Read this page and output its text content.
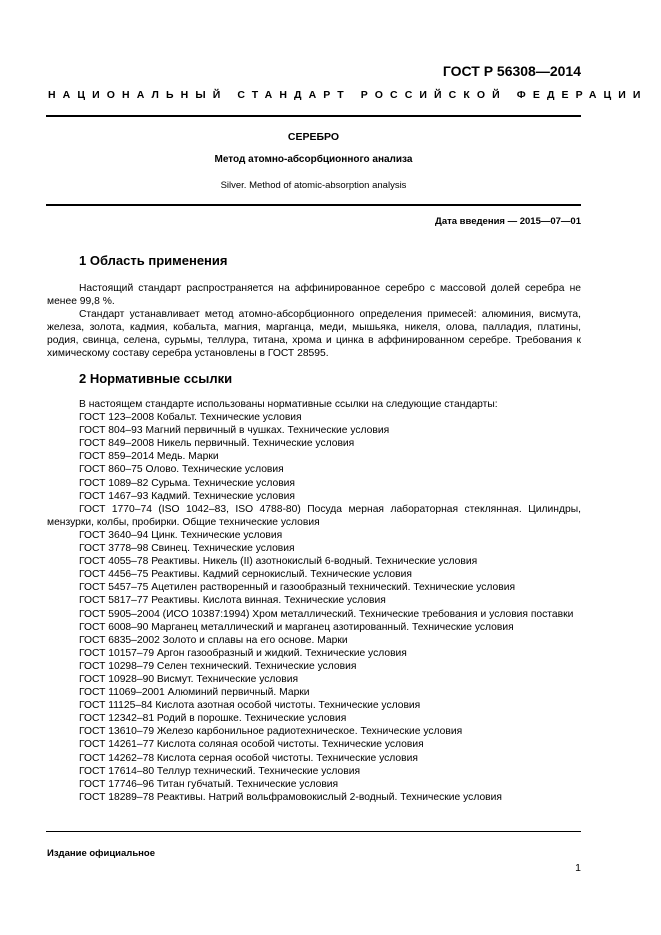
ГОСТ Р 56308—2014
НАЦИОНАЛЬНЫЙ СТАНДАРТ РОССИЙСКОЙ ФЕДЕРАЦИИ
СЕРЕБРО
Метод атомно-абсорбционного анализа
Silver. Method of atomic-absorption analysis
Дата введения — 2015—07—01
1 Область применения
Настоящий стандарт распространяется на аффинированное серебро с массовой долей серебра не менее 99,8 %.
Стандарт устанавливает метод атомно-абсорбционного определения примесей: алюминия, висмута, железа, золота, кадмия, кобальта, магния, марганца, меди, мышьяка, никеля, олова, палладия, платины, родия, свинца, селена, сурьмы, теллура, титана, хрома и цинка в аффинированном серебре. Требования к химическому составу серебра установлены в ГОСТ 28595.
2 Нормативные ссылки
В настоящем стандарте использованы нормативные ссылки на следующие стандарты:
ГОСТ 123–2008 Кобальт. Технические условия
ГОСТ 804–93 Магний первичный в чушках. Технические условия
ГОСТ 849–2008 Никель первичный. Технические условия
ГОСТ 859–2014 Медь. Марки
ГОСТ 860–75 Олово. Технические условия
ГОСТ 1089–82 Сурьма. Технические условия
ГОСТ 1467–93 Кадмий. Технические условия
ГОСТ 1770–74 (ISO 1042–83, ISO 4788-80) Посуда мерная лабораторная стеклянная. Цилиндры, мензурки, колбы, пробирки. Общие технические условия
ГОСТ 3640–94 Цинк. Технические условия
ГОСТ 3778–98 Свинец. Технические условия
ГОСТ 4055–78 Реактивы. Никель (II) азотнокислый 6-водный. Технические условия
ГОСТ 4456–75 Реактивы. Кадмий сернокислый. Технические условия
ГОСТ 5457–75 Ацетилен растворенный и газообразный технический. Технические условия
ГОСТ 5817–77 Реактивы. Кислота винная. Технические условия
ГОСТ 5905–2004 (ИСО 10387:1994) Хром металлический. Технические требования и условия поставки
ГОСТ 6008–90 Марганец металлический и марганец азотированный. Технические условия
ГОСТ 6835–2002 Золото и сплавы на его основе. Марки
ГОСТ 10157–79 Аргон газообразный и жидкий. Технические условия
ГОСТ 10298–79 Селен технический. Технические условия
ГОСТ 10928–90 Висмут. Технические условия
ГОСТ 11069–2001 Алюминий первичный. Марки
ГОСТ 11125–84 Кислота азотная особой чистоты. Технические условия
ГОСТ 12342–81 Родий в порошке. Технические условия
ГОСТ 13610–79 Железо карбонильное радиотехническое. Технические условия
ГОСТ 14261–77 Кислота соляная особой чистоты. Технические условия
ГОСТ 14262–78 Кислота серная особой чистоты. Технические условия
ГОСТ 17614–80 Теллур технический. Технические условия
ГОСТ 17746–96 Титан губчатый. Технические условия
ГОСТ 18289–78 Реактивы. Натрий вольфрамовокислый 2-водный. Технические условия
Издание официальное
1
